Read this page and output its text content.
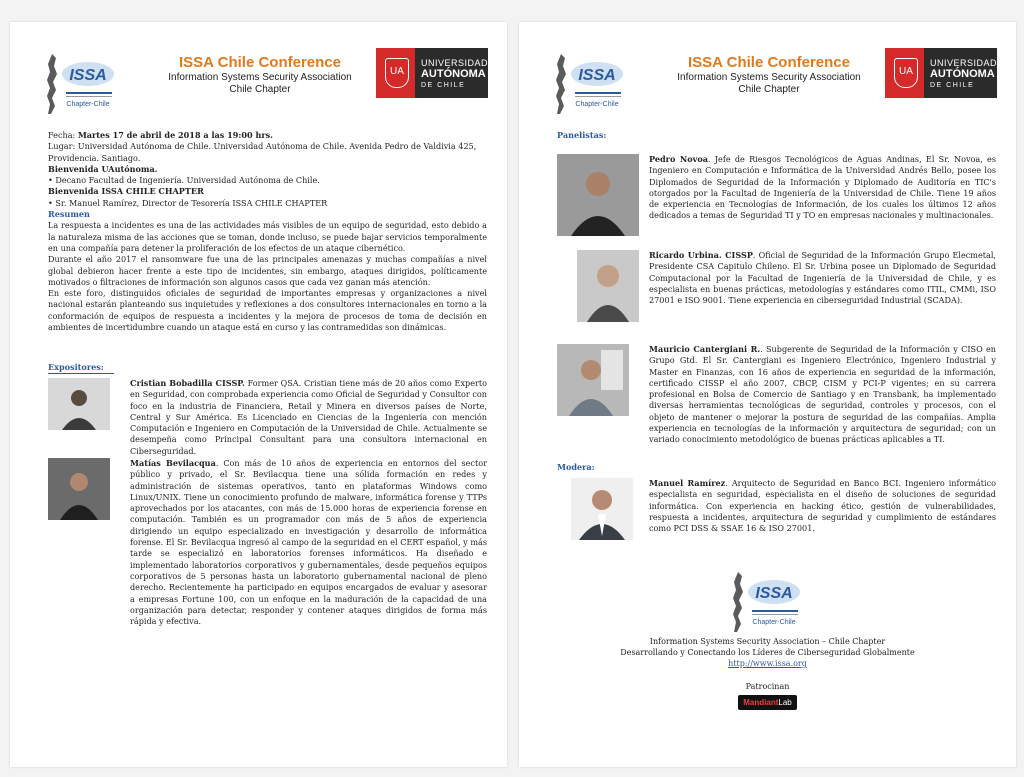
ISSA
Chapter-Chile
ISSA Chile Conference
Information Systems Security Association
Chile Chapter
UA
UNIVERSIDAD
AUTÓNOMA
DE CHILE

Fecha: Martes 17 de abril de 2018 a las 19:00 hrs.

Lugar: Universidad Autónoma de Chile. Universidad Autónoma de Chile. Avenida Pedro de Valdivia 425, Providencia. Santiago.

Bienvenida UAutónoma.

• Decano Facultad de Ingeniería. Universidad Autónoma de Chile.

Bienvenida ISSA CHILE CHAPTER

• Sr. Manuel Ramírez, Director de Tesorería ISSA CHILE CHAPTER

Resumen

La respuesta a incidentes es una de las actividades más visibles de un equipo de seguridad, esto debido a la naturaleza misma de las acciones que se toman, donde incluso, se puede bajar servicios temporalmente en una compañía para detener la proliferación de los efectos de un ataque cibernético.

Durante el año 2017 el ransomware fue una de las principales amenazas y muchas compañías a nivel global debieron hacer frente a este tipo de incidentes, sin embargo, ataques dirigidos, políticamente motivados o filtraciones de información son algunos casos que cada vez ganan más atención.

En este foro, distinguidos oficiales de seguridad de importantes empresas y organizaciones a nivel nacional estarán planteando sus inquietudes y reflexiones a dos consultores internacionales en torno a la conformación de equipos de respuesta a incidentes y la mejora de procesos de toma de decisión en ambientes de incertidumbre cuando un ataque está en curso y las contramedidas son dinámicas.

Expositores:

Cristian Bobadilla CISSP. Former QSA. Cristian tiene más de 20 años como Experto en Seguridad, con comprobada experiencia como Oficial de Seguridad y Consultor con foco en la industria de Financiera, Retail y Minera en diversos países de Norte, Central y Sur América. Es Licenciado en Ciencias de la Ingeniería con mención Computación e Ingeniero en Computación de la Universidad de Chile. Actualmente se desempeña como Principal Consultant para una consultora internacional en Ciberseguridad.
Matías Bevilacqua. Con más de 10 años de experiencia en entornos del sector público y privado, el Sr. Bevilacqua tiene una sólida formación en redes y administración de sistemas operativos, tanto en plataformas Windows como Linux/UNIX. Tiene un conocimiento profundo de malware, informática forense y TTPs aprovechados por los atacantes, con más de 15.000 horas de experiencia forense en computación. También es un programador con más de 5 años de experiencia dirigiendo un equipo especializado en investigación y desarrollo de informática forense. El Sr. Bevilacqua ingresó al campo de la seguridad en el CERT español, y más tarde se especializó en laboratorios forenses informáticos. Ha diseñado e implementado laboratorios corporativos y gubernamentales, desde pequeños equipos corporativos de 5 personas hasta un laboratorio gubernamental nacional de pleno derecho. Recientemente ha participado en equipos encargados de evaluar y asesorar a empresas Fortune 100, con un enfoque en la maduración de la capacidad de una organización para detectar, responder y contener ataques dirigidos de forma más rápida y efectiva.
ISSA
Chapter-Chile
ISSA Chile Conference
Information Systems Security Association
Chile Chapter
UA
UNIVERSIDAD
AUTÓNOMA
DE CHILE

Panelistas:

Pedro Novoa. Jefe de Riesgos Tecnológicos de Aguas Andinas, El Sr. Novoa, es Ingeniero en Computación e Informática de la Universidad Andrés Bello, posee los Diplomados de Seguridad de la Información y Diplomado de Auditoría en TIC's otorgados por la Facultad de Ingeniería de la Universidad de Chile. Tiene 19 años de experiencia en Tecnologías de Información, de los cuales los últimos 12 años dedicados a temas de Seguridad TI y TO en empresas nacionales y multinacionales.
Ricardo Urbina. CISSP. Oficial de Seguridad de la Información Grupo Elecmetal, Presidente CSA Capitulo Chileno. El Sr. Urbina posee un Diplomado de Seguridad Computacional por la Facultad de Ingeniería de la Universidad de Chile, y es especialista en buenas prácticas, metodologías y estándares como ITIL, CMMi, ISO 27001 e ISO 9001. Tiene experiencia en ciberseguridad Industrial (SCADA).
Mauricio Cantergiani R.. Subgerente de Seguridad de la Información y CISO en Grupo Gtd. El Sr. Cantergiani es Ingeniero Electrónico, Ingeniero Industrial y Master en Finanzas, con 16 años de experiencia en seguridad de la información, certificado CISSP el año 2007, CBCP, CISM y PCI-P vigentes; en su carrera profesional en Bolsa de Comercio de Santiago y en Transbank, ha implementado diversas herramientas tecnológicas de seguridad, controles y procesos, con el objeto de mantener o mejorar la postura de seguridad de las compañías. Amplia experiencia en tecnologías de la información y arquitectura de seguridad; con un variado conocimiento metodológico de buenas prácticas aplicables a TI.

Modera:

Manuel Ramírez. Arquitecto de Seguridad en Banco BCI. Ingeniero informático especialista en seguridad, especialista en el diseño de soluciones de seguridad informática. Con experiencia en hacking ético, gestión de vulnerabilidades, respuesta a incidentes, arquitectura de seguridad y cumplimiento de estándares como PCI DSS & SSAE 16 & ISO 27001.
ISSA
Chapter-Chile
Information Systems Security Association – Chile Chapter
Desarrollando y Conectando los Líderes de Ciberseguridad Globalmente
http://www.issa.org
Patrocinan
MandiantLab
